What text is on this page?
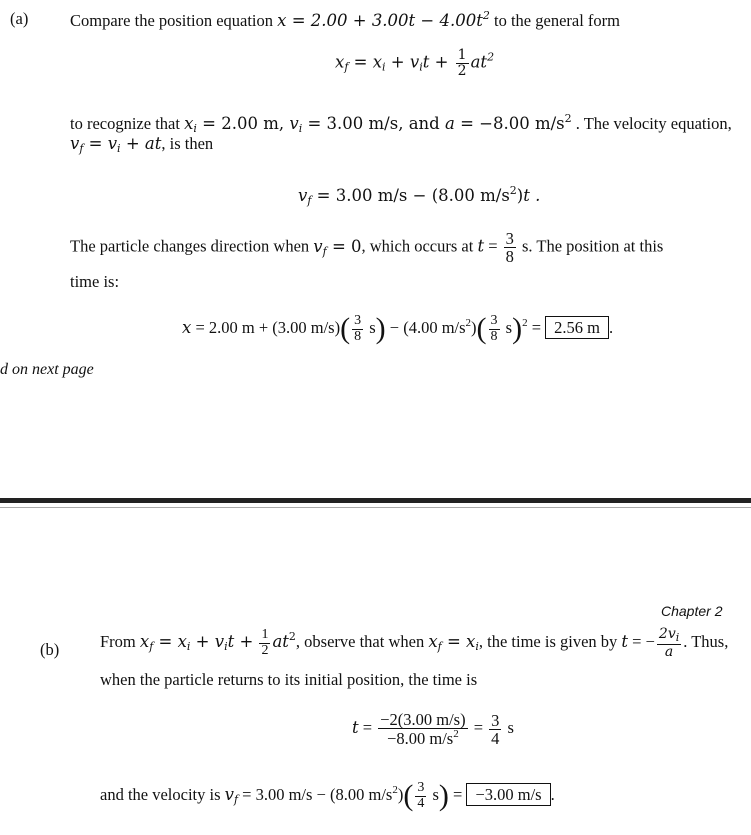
(a)	Compare the position equation $x = 2.00 + 3.00t - 4.00t^2$ to the general form
$x_f = x_i + v_it + \frac{1}{2} at^2$
to recognize that $x_i = 2.00$ m, $v_i = 3.00$ m/s, and a = −8.00 $m/s^2$ . The velocity equation,
$v_f = v_i$ + at, is then
$v_f = 3.00$ m/s − (8.00 $m/s^2)t$ .
The particle changes direction when $v_f = 0$, which occurs at $t = \frac{3}{8} s$. The position at this
time is:
x = 2.00 m + (3.00 $m/s)( \frac{3}{8} s) - (4.00$ $m/s^2)( \frac{3}{8} s)^2 = 2.56$ m .
d on next page
Chapter 2
(b) From $x_f = x_i + v_it + \frac{1}{2} at^2$, observe that when $x_f = x_i$, the time is given by t = − $\frac{2v_i}{a}$ . Thus,
when the particle returns to its initial position, the time is
$t = \frac{-2(3.00 m/s)}{-8.00 m/s^2} = \frac{3}{4}$ s
and the velocity is $v_f = 3.00$ m/s − (8.00 $m/s^2)( \frac{3}{4} s) = -3.00$ m/s .
